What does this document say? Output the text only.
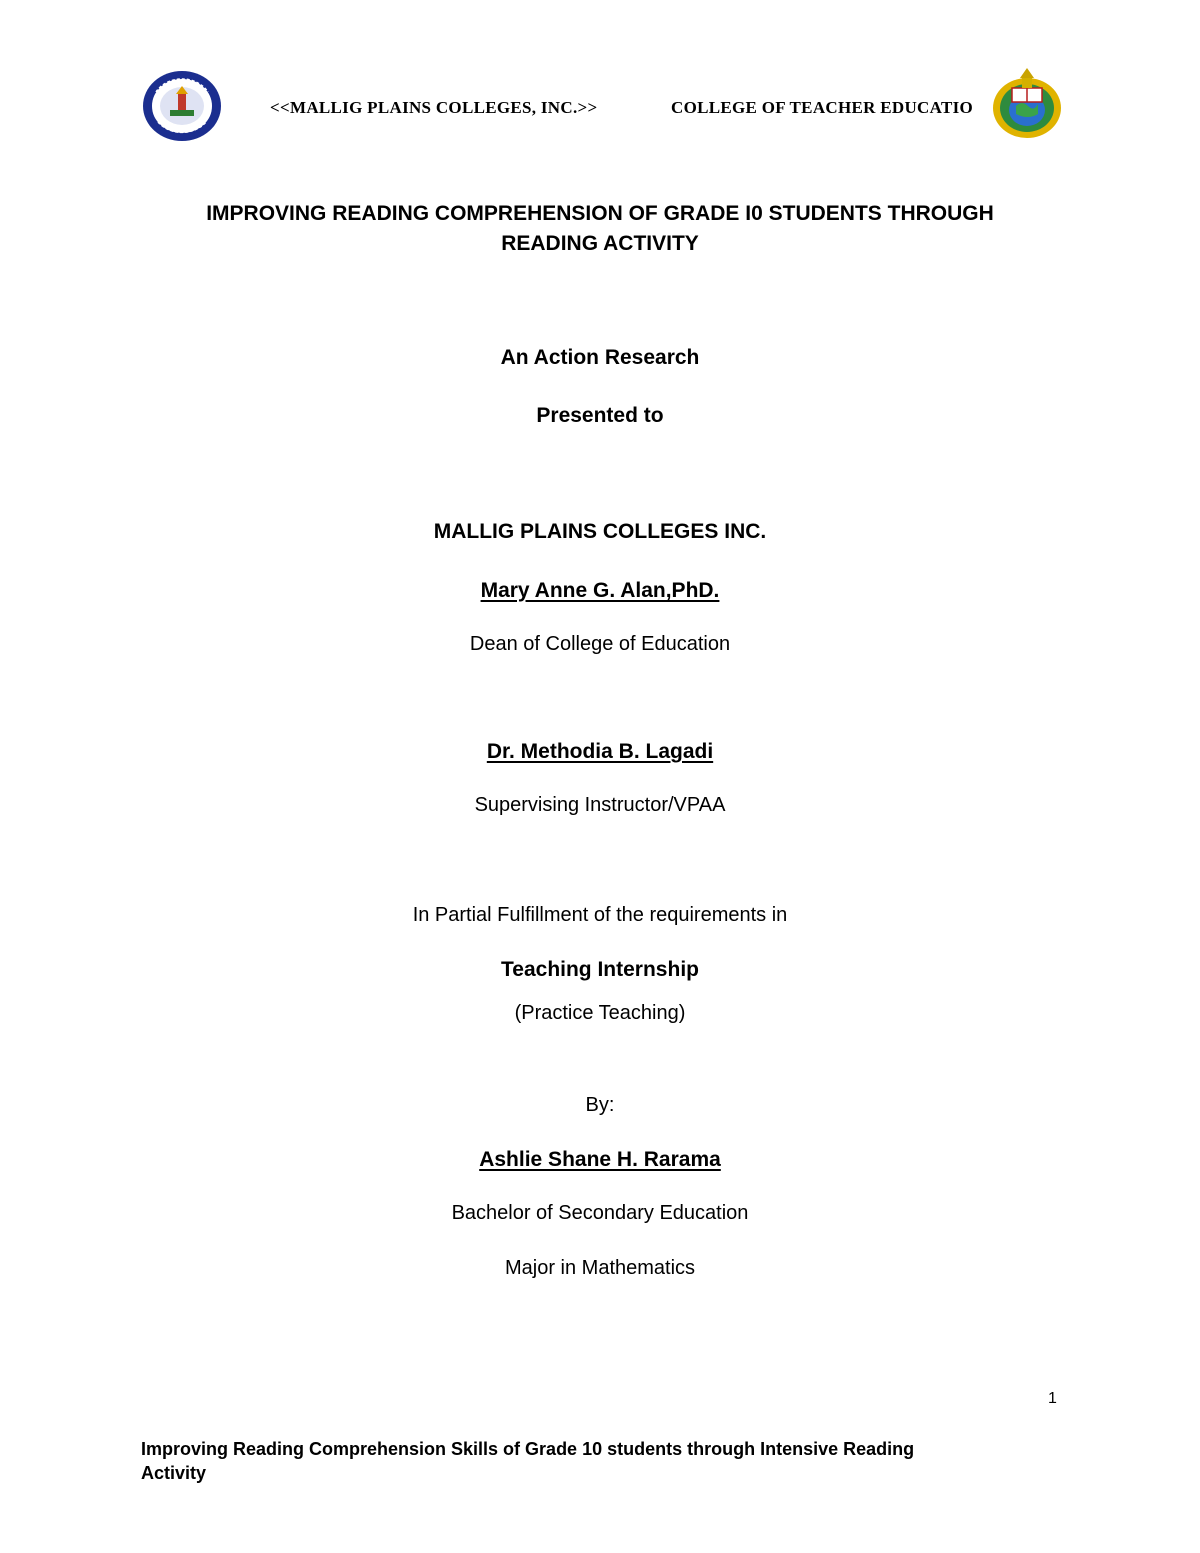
<<MALLIG PLAINS COLLEGES, INC.>>	COLLEGE OF TEACHER EDUCATIO
IMPROVING READING COMPREHENSION OF GRADE I0 STUDENTS THROUGH
READING ACTIVITY
An Action Research
Presented to
MALLIG PLAINS COLLEGES INC.
Mary Anne G. Alan,PhD.
Dean of College of Education
Dr. Methodia B. Lagadi
Supervising Instructor/VPAA
In Partial Fulfillment of the requirements in
Teaching Internship
(Practice Teaching)
By:
Ashlie Shane H. Rarama
Bachelor of Secondary Education
Major in Mathematics
1
Improving Reading Comprehension Skills of Grade 10 students through Intensive Reading
Activity
